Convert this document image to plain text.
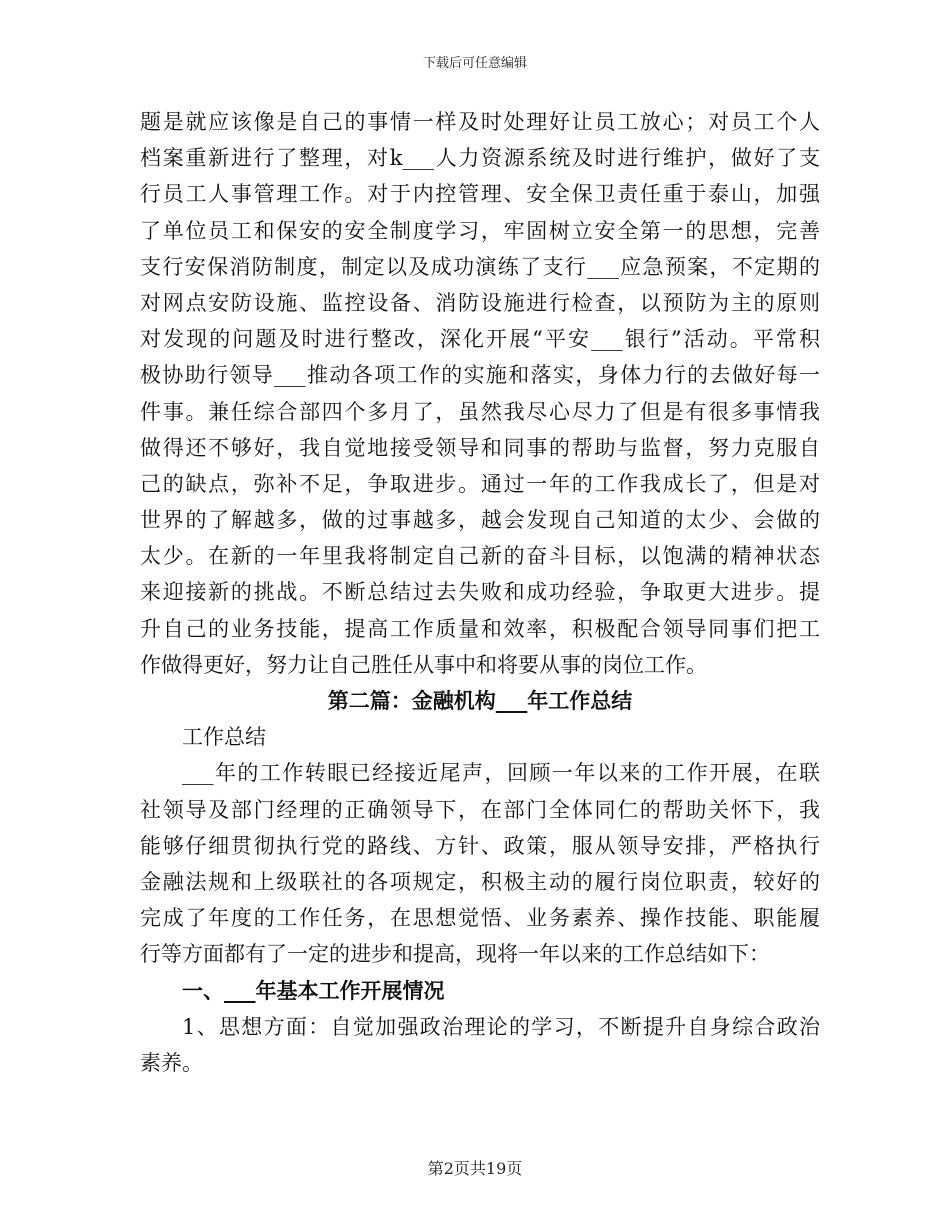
下载后可任意编辑
题是就应该像是自己的事情一样及时处理好让员工放心；对员工个人
档案重新进行了整理，对k___人力资源系统及时进行维护，做好了支
行员工人事管理工作。对于内控管理、安全保卫责任重于泰山，加强
了单位员工和保安的安全制度学习，牢固树立安全第一的思想，完善
支行安保消防制度，制定以及成功演练了支行___应急预案，不定期的
对网点安防设施、监控设备、消防设施进行检查，以预防为主的原则
对发现的问题及时进行整改，深化开展“平安___银行”活动。平常积
极协助行领导___推动各项工作的实施和落实，身体力行的去做好每一
件事。兼任综合部四个多月了，虽然我尽心尽力了但是有很多事情我
做得还不够好，我自觉地接受领导和同事的帮助与监督，努力克服自
己的缺点，弥补不足，争取进步。通过一年的工作我成长了，但是对
世界的了解越多，做的过事越多，越会发现自己知道的太少、会做的
太少。在新的一年里我将制定自己新的奋斗目标，以饱满的精神状态
来迎接新的挑战。不断总结过去失败和成功经验，争取更大进步。提
升自己的业务技能，提高工作质量和效率，积极配合领导同事们把工
作做得更好，努力让自己胜任从事中和将要从事的岗位工作。
第二篇：金融机构___年工作总结
工作总结
___年的工作转眼已经接近尾声，回顾一年以来的工作开展，在联
社领导及部门经理的正确领导下，在部门全体同仁的帮助关怀下，我
能够仔细贯彻执行党的路线、方针、政策，服从领导安排，严格执行
金融法规和上级联社的各项规定，积极主动的履行岗位职责，较好的
完成了年度的工作任务，在思想觉悟、业务素养、操作技能、职能履
行等方面都有了一定的进步和提高，现将一年以来的工作总结如下：
一、___年基本工作开展情况
1、思想方面：自觉加强政治理论的学习，不断提升自身综合政治
素养。
第2页共19页
